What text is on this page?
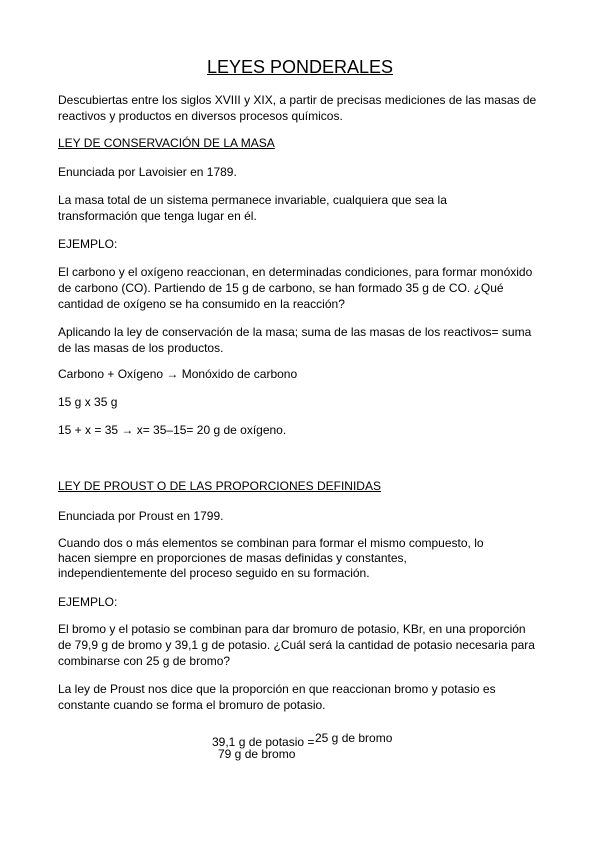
LEYES PONDERALES
Descubiertas entre los siglos XVIII y XIX, a partir de precisas mediciones de las masas de
reactivos y productos en diversos procesos químicos.
LEY DE CONSERVACIÓN DE LA MASA
Enunciada por Lavoisier en 1789.
La masa total de un sistema permanece invariable, cualquiera que sea la
transformación que tenga lugar en él.
EJEMPLO:
El carbono y el oxígeno reaccionan, en determinadas condiciones, para formar monóxido
de carbono (CO). Partiendo de 15 g de carbono, se han formado 35 g de CO. ¿Qué
cantidad de oxígeno se ha consumido en la reacción?
Aplicando la ley de conservación de la masa; suma de las masas de los reactivos= suma
de las masas de los productos.
Carbono + Oxígeno → Monóxido de carbono
15 g x 35 g
15 + x = 35 → x= 35–15= 20 g de oxígeno.
LEY DE PROUST O DE LAS PROPORCIONES DEFINIDAS
Enunciada por Proust en 1799.
Cuando dos o más elementos se combinan para formar el mismo compuesto, lo
hacen siempre en proporciones de masas definidas y constantes,
independientemente del proceso seguido en su formación.
EJEMPLO:
El bromo y el potasio se combinan para dar bromuro de potasio, KBr, en una proporción
de 79,9 g de bromo y 39,1 g de potasio. ¿Cuál será la cantidad de potasio necesaria para
combinarse con 25 g de bromo?
La ley de Proust nos dice que la proporción en que reaccionan bromo y potasio es
constante cuando se forma el bromuro de potasio.
39,1 g de potasio = 25 g de bromo
79 g de bromo
